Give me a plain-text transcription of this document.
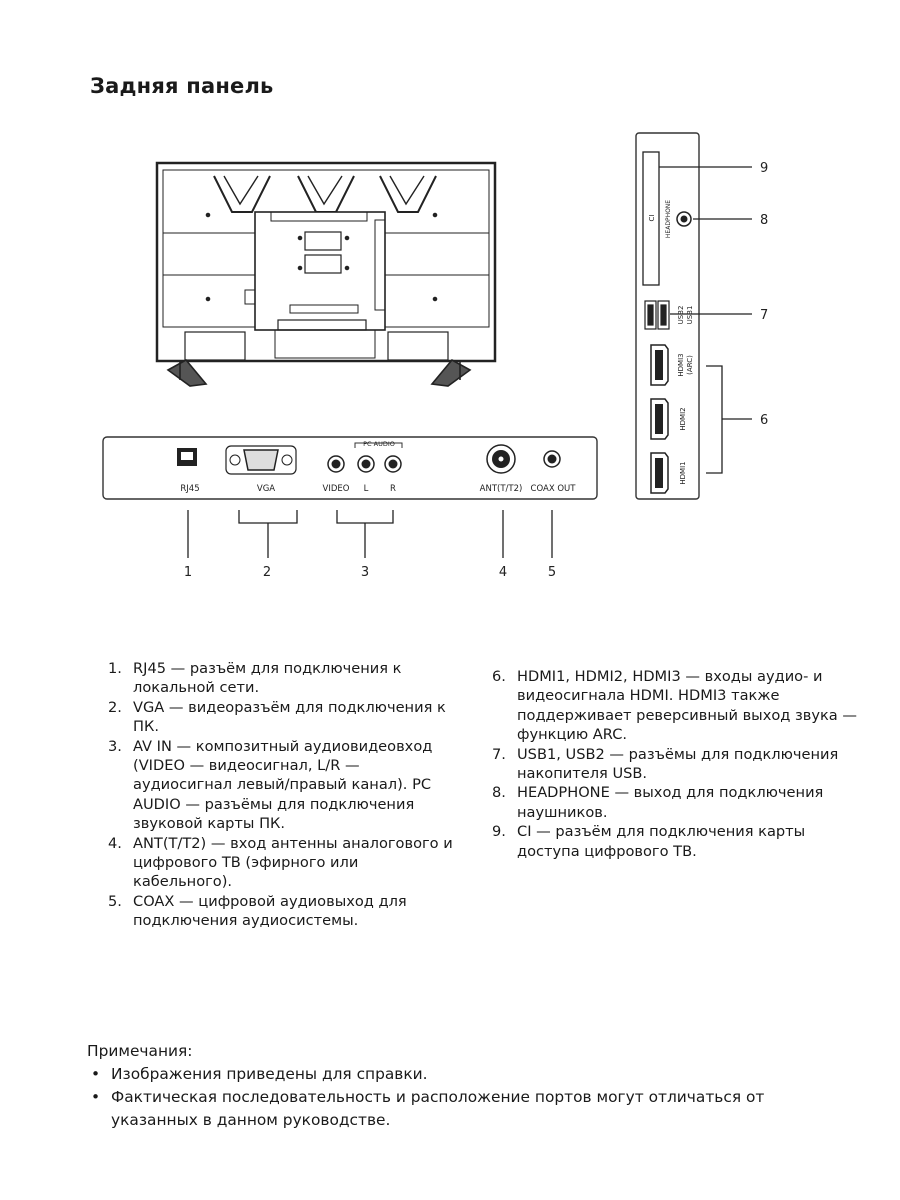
Задняя панель
RJ45	VGA
PC AUDIO
VIDEO L	R	ANT(T/T2) COAX OUT
1	2	3	4	5
CI HEADPHONE
USB2 USB1
HDMI3 (ARC)
HDMI2
HDMI1
9
8
7
6
1. RJ45 — разъём для подключения к локальной сети.
2. VGA — видеоразъём для подключения к ПК.
3. AV IN — композитный аудиовидеовход (VIDEO — видеосигнал, L/R — аудиосигнал левый/правый канал). PC AUDIO — разъёмы для подключения звуковой карты ПК.
4. ANT(T/T2) — вход антенны аналогового и цифрового ТВ (эфирного или кабельного).
5. COAX — цифровой аудиовыход для подключения аудиосистемы.
6. HDMI1, HDMI2, HDMI3 — входы аудио- и видеосигнала HDMI. HDMI3 также поддерживает реверсивный выход звука — функцию ARC.
7. USB1, USB2 — разъёмы для подключения накопителя USB.
8. HEADPHONE — выход для подключения наушников.
9. CI — разъём для подключения карты доступа цифрового ТВ.
Примечания:
• Изображения приведены для справки.
• Фактическая последовательность и расположение портов могут отличаться от указанных в данном руководстве.
